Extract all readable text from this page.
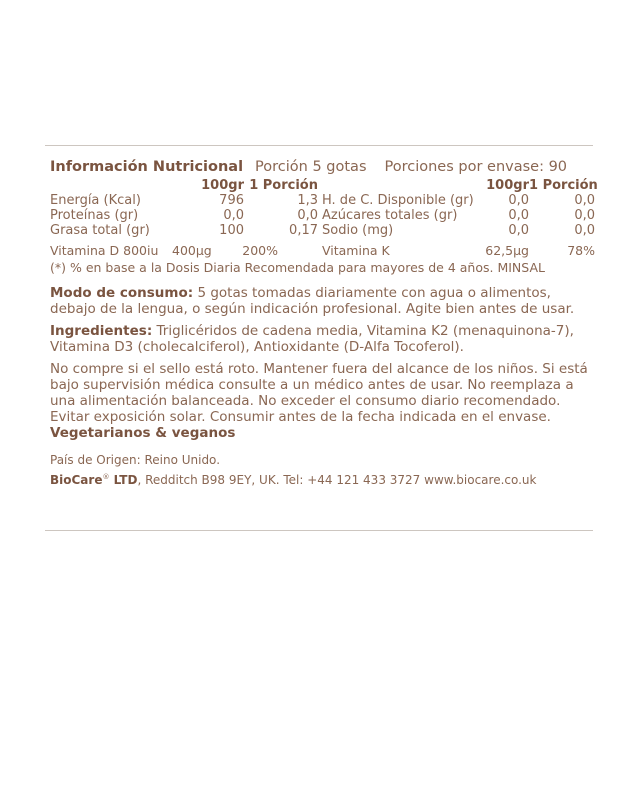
Información Nutricional Porción 5 gotas Porciones por envase: 90
100gr 1 Porción
Energía (Kcal)	796	1,3
Proteínas (gr)	0,0	0,0
Grasa total (gr)	100	0,17
Vitamina D 800iu	400µg	200%
100gr 1 Porción
H. de C. Disponible (gr)	0,0	0,0
Azúcares totales (gr)	0,0	0,0
Sodio (mg)	0,0	0,0
Vitamina K	62,5µg	78%
(*) % en base a la Dosis Diaria Recomendada para mayores de 4 años. MINSAL
Modo de consumo: 5 gotas tomadas diariamente con agua o alimentos, debajo de la lengua, o según indicación profesional. Agite bien antes de usar.
Ingredientes: Triglicéridos de cadena media, Vitamina K2 (menaquinona-7), Vitamina D3 (cholecalciferol), Antioxidante (D-Alfa Tocoferol).
No compre si el sello está roto. Mantener fuera del alcance de los niños. Si está bajo supervisión médica consulte a un médico antes de usar. No reemplaza a una alimentación balanceada. No exceder el consumo diario recomendado. Evitar exposición solar. Consumir antes de la fecha indicada en el envase.
Vegetarianos & veganos
País de Origen: Reino Unido.
BioCare® LTD, Redditch B98 9EY, UK. Tel: +44 121 433 3727 www.biocare.co.uk
